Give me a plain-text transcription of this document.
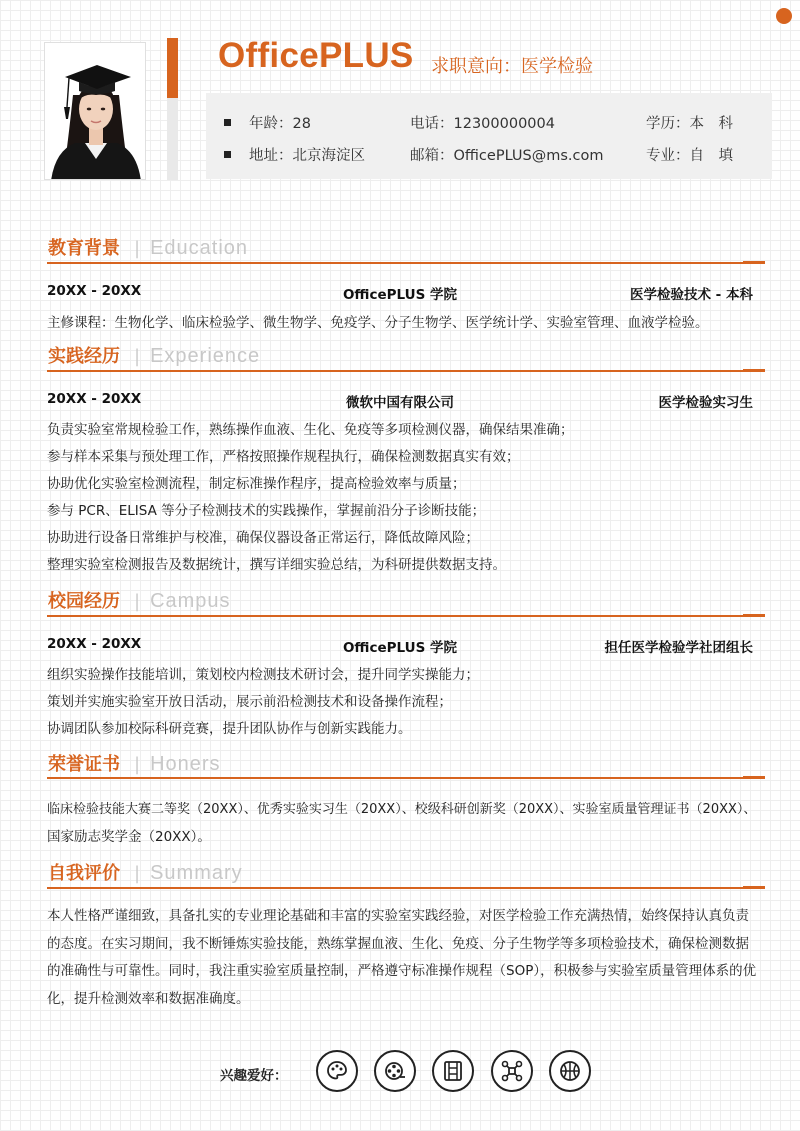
OfficePLUS 求职意向：医学检验
年龄：28	电话：12300000004	学历：本　科
地址：北京海淀区	邮箱：OfficePLUS@ms.com	专业：自　填
教育背景 | Education
20XX - 20XX	OfficePLUS 学院	医学检验技术 - 本科
主修课程：生物化学、临床检验学、微生物学、免疫学、分子生物学、医学统计学、实验室管理、血液学检验。
实践经历 | Experience
20XX - 20XX	微软中国有限公司	医学检验实习生
负责实验室常规检验工作，熟练操作血液、生化、免疫等多项检测仪器，确保结果准确；
参与样本采集与预处理工作，严格按照操作规程执行，确保检测数据真实有效；
协助优化实验室检测流程，制定标准操作程序，提高检验效率与质量；
参与 PCR、ELISA 等分子检测技术的实践操作，掌握前沿分子诊断技能；
协助进行设备日常维护与校准，确保仪器设备正常运行，降低故障风险；
整理实验室检测报告及数据统计，撰写详细实验总结，为科研提供数据支持。
校园经历 | Campus
20XX - 20XX	OfficePLUS 学院	担任医学检验学社团组长
组织实验操作技能培训，策划校内检测技术研讨会，提升同学实操能力；
策划并实施实验室开放日活动，展示前沿检测技术和设备操作流程；
协调团队参加校际科研竞赛，提升团队协作与创新实践能力。
荣誉证书 | Honers
临床检验技能大赛二等奖（20XX）、优秀实验实习生（20XX）、校级科研创新奖（20XX）、实验室质量管理证书（20XX）、
国家励志奖学金（20XX）。
自我评价 | Summary
本人性格严谨细致，具备扎实的专业理论基础和丰富的实验室实践经验，对医学检验工作充满热情，始终保持认真负责的态度。在实习期间，我不断锤炼实验技能，熟练掌握血液、生化、免疫、分子生物学等多项检验技术，确保检测数据的准确性与可靠性。同时，我注重实验室质量控制，严格遵守标准操作规程（SOP），积极参与实验室质量管理体系的优化，提升检测效率和数据准确度。
兴趣爱好：
